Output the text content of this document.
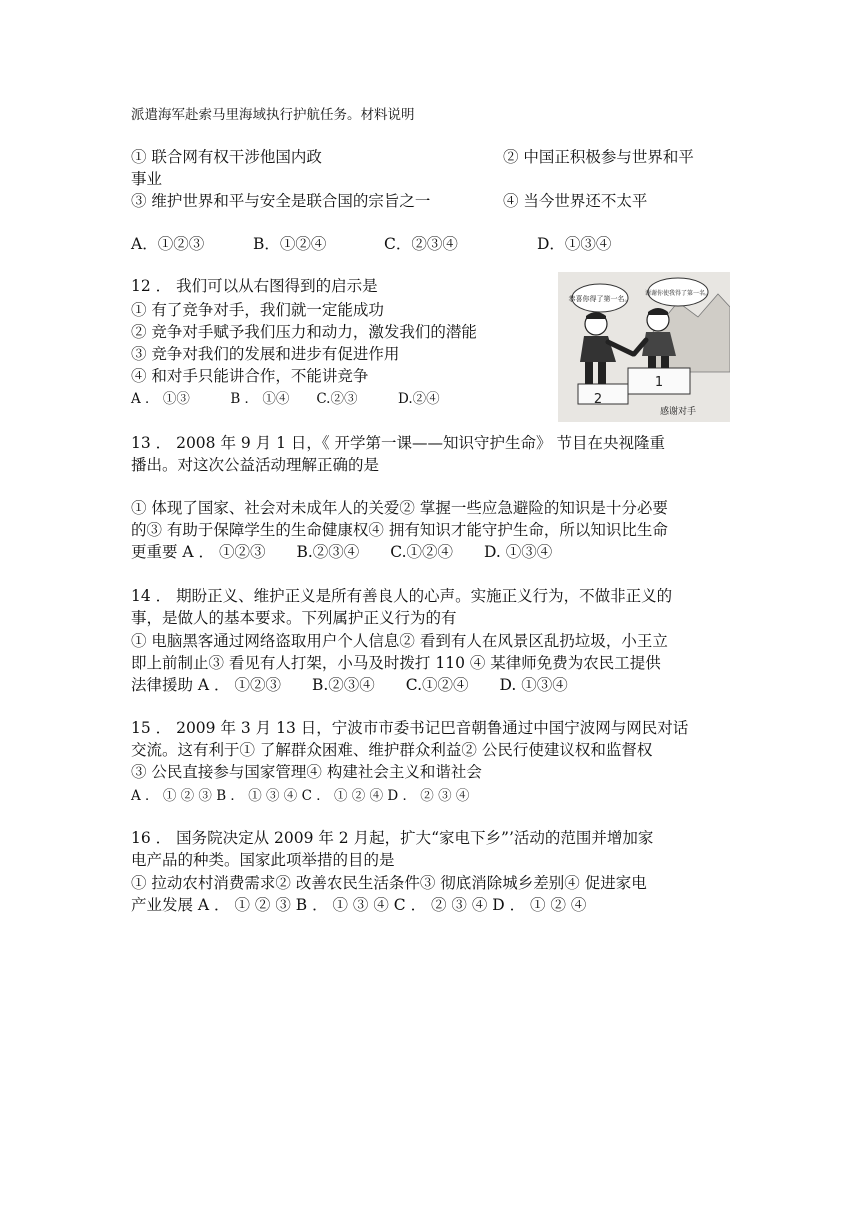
派遣海军赴索马里海域执行护航任务。材料说明
① 联合网有权干涉他国内政	② 中国正积极参与世界和平
事业
③ 维护世界和平与安全是联合国的宗旨之一	④ 当今世界还不太平
A．①②③	B．①②④	C．②③④	D．①③④
12 ． 我们可以从右图得到的启示是
① 有了竞争对手，我们就一定能成功
② 竞争对手赋予我们压力和动力，激发我们的潜能
③ 竞争对我们的发展和进步有促进作用
④ 和对手只能讲合作，不能讲竞争
A ． ①③　　　B ． ①④　　C.②③　　　D.②④
恭喜你得了第一名。
谢谢你使我得了第一名。
1
2
感谢对手
13 ． 2008 年 9 月 1 日，《 开学第一课——知识守护生命》 节目在央视隆重
播出。对这次公益活动理解正确的是
① 体现了国家、社会对未成年人的关爱② 掌握一些应急避险的知识是十分必要
的③ 有助于保障学生的生命健康权④ 拥有知识才能守护生命，所以知识比生命
更重要 A ． ①②③　　B.②③④　　C.①②④　　D. ①③④
14 ． 期盼正义、维护正义是所有善良人的心声。实施正义行为，不做非正义的
事，是做人的基本要求。下列属护正义行为的有
① 电脑黑客通过网络盗取用户个人信息② 看到有人在风景区乱扔垃圾，小王立
即上前制止③ 看见有人打架，小马及时拨打 110 ④ 某律师免费为农民工提供
法律援助 A ． ①②③　　B.②③④　　C.①②④　　D. ①③④
15 ． 2009 年 3 月 13 日，宁波市市委书记巴音朝鲁通过中国宁波网与网民对话
交流。这有利于① 了解群众困难、维护群众利益② 公民行使建议权和监督权
③ 公民直接参与国家管理④ 构建社会主义和谐社会
A ． ① ② ③ B ． ① ③ ④ C ． ① ② ④ D ． ② ③ ④
16 ． 国务院决定从 2009 年 2 月起，扩大“家电下乡”’活动的范围并增加家
电产品的种类。国家此项举措的目的是
① 拉动农村消费需求② 改善农民生活条件③ 彻底消除城乡差别④ 促进家电
产业发展 A ． ① ② ③ B ． ① ③ ④ C ． ② ③ ④ D ． ① ② ④
